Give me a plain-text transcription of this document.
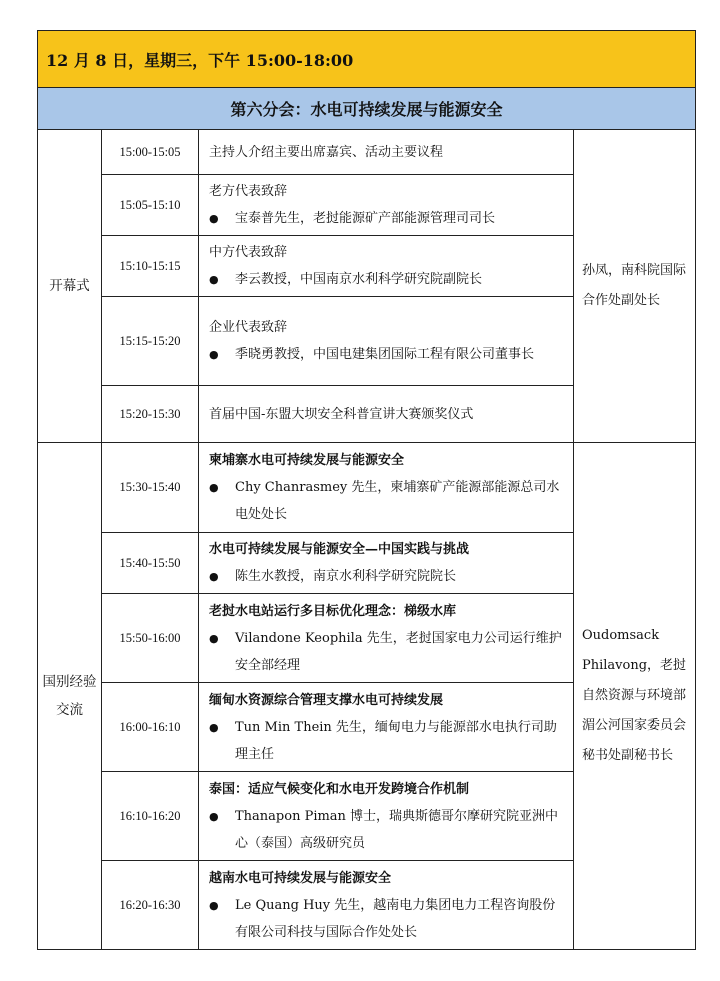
12 月 8 日，星期三，下午 15:00-18:00			
第六分会：水电可持续发展与能源安全			
开幕式	15:00-15:05	主持人介绍主要出席嘉宾、活动主要议程	孙凤，南科院国际合作处副处长
	15:05-15:10	老方代表致辞
● 宝泰普先生，老挝能源矿产部能源管理司司长	

	15:10-15:15	中方代表致辞
● 李云教授，中国南京水利科学研究院副院长	

	15:15-15:20	企业代表致辞
● 季晓勇教授，中国电建集团国际工程有限公司董事长	

	15:20-15:30	首届中国-东盟大坝安全科普宣讲大赛颁奖仪式	

国别经验交流	15:30-15:40	柬埔寨水电可持续发展与能源安全
● Chy Chanrasmey 先生，柬埔寨矿产能源部能源总司水电处处长	Oudomsack Philavong，老挝自然资源与环境部湄公河国家委员会秘书处副秘书长
	15:40-15:50	水电可持续发展与能源安全—中国实践与挑战
● 陈生水教授，南京水利科学研究院院长	

	15:50-16:00	老挝水电站运行多目标优化理念：梯级水库
● Vilandone Keophila 先生，老挝国家电力公司运行维护安全部经理	

	16:00-16:10	缅甸水资源综合管理支撑水电可持续发展
● Tun Min Thein 先生，缅甸电力与能源部水电执行司助理主任	

	16:10-16:20	泰国：适应气候变化和水电开发跨境合作机制
● Thanapon Piman 博士，瑞典斯德哥尔摩研究院亚洲中心（泰国）高级研究员	

	16:20-16:30	越南水电可持续发展与能源安全
● Le Quang Huy 先生，越南电力集团电力工程咨询股份有限公司科技与国际合作处处长	
